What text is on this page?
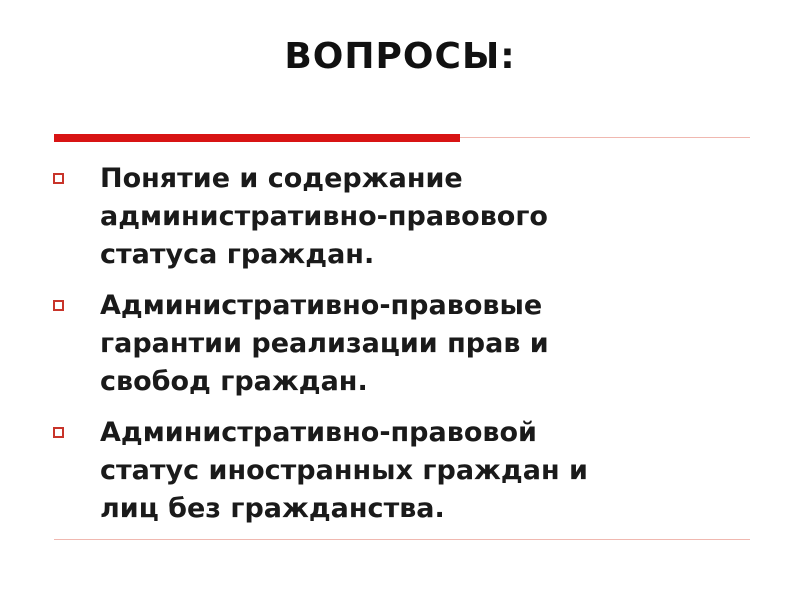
ВОПРОСЫ:
Понятие и содержание
административно-правового
статуса граждан.
Административно-правовые
гарантии реализации прав и
свобод граждан.
Административно-правовой
статус иностранных граждан и
лиц без гражданства.
